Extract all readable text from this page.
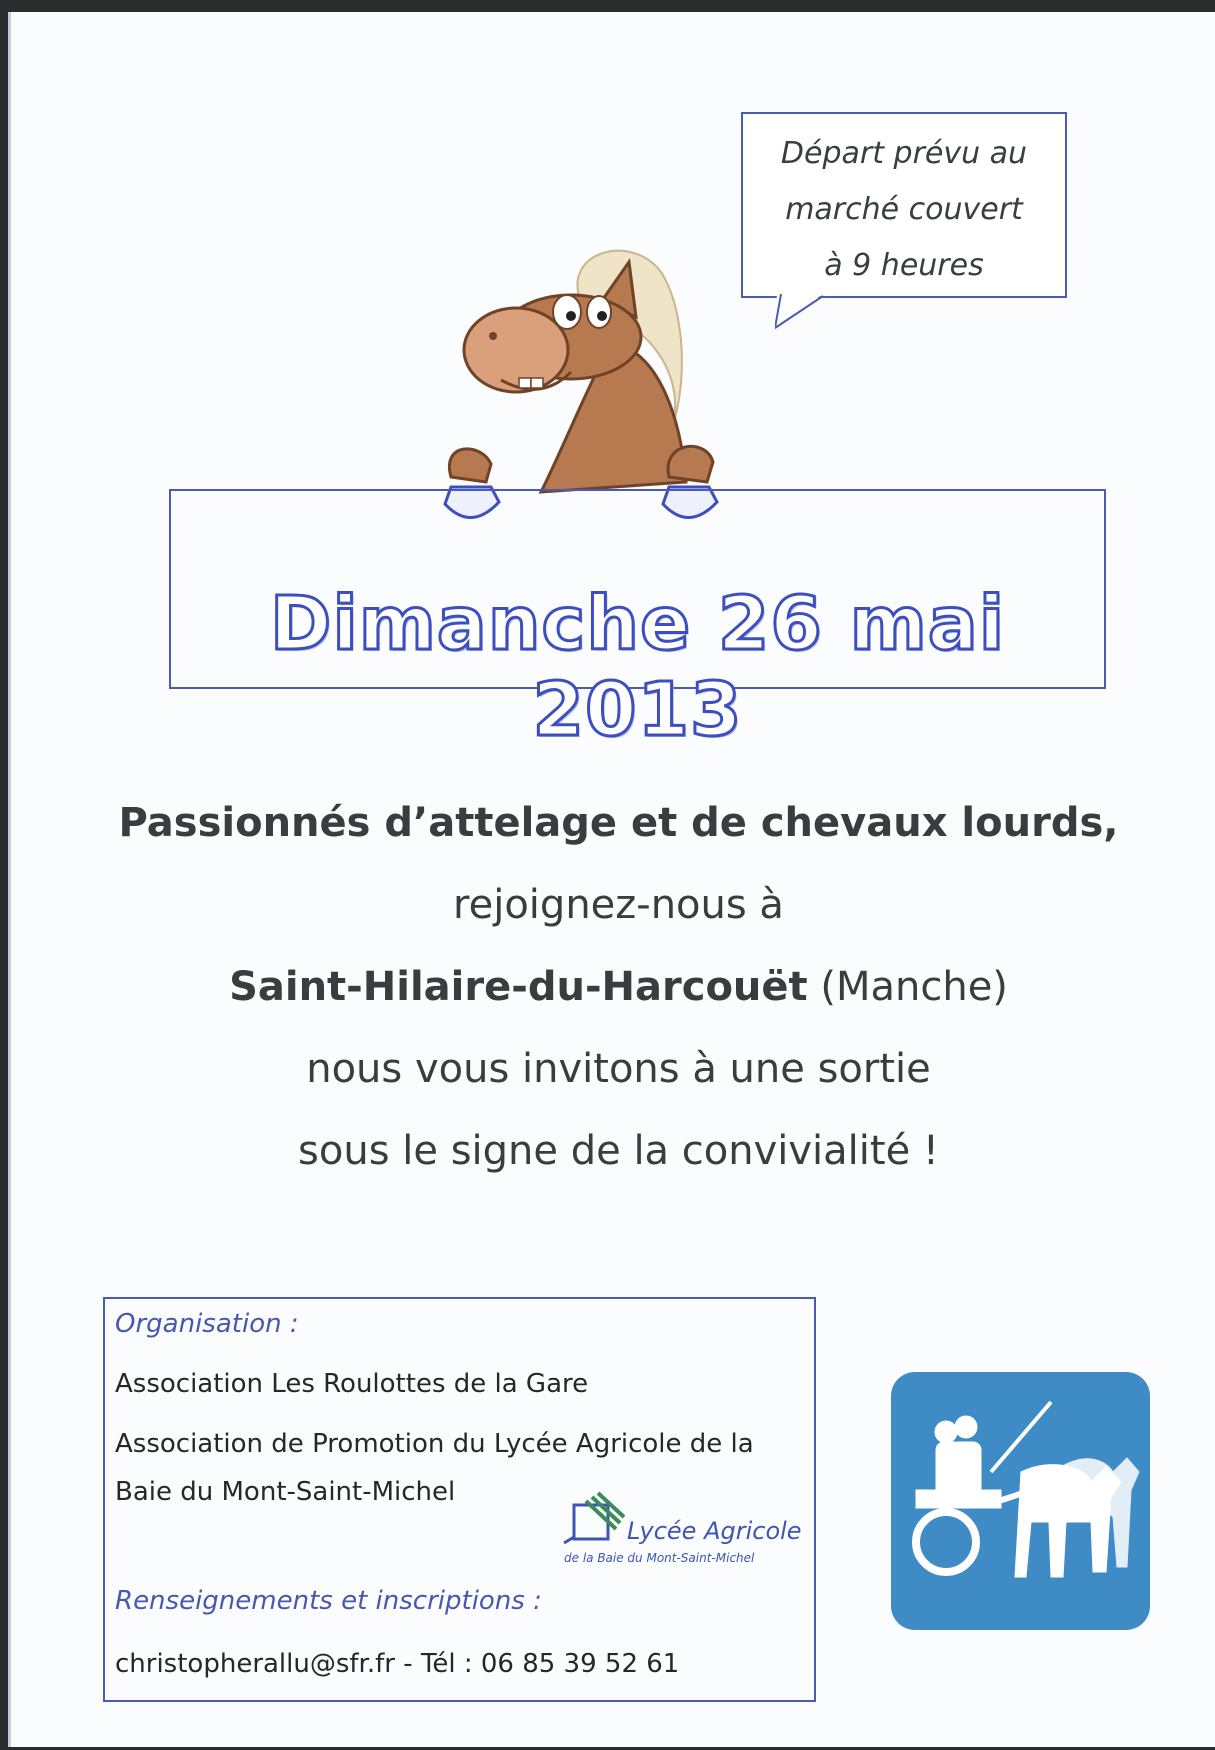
Départ prévu au
marché couvert
à 9 heures
Dimanche 26 mai 2013
Passionnés d’attelage et de chevaux lourds,
rejoignez-nous à
Saint-Hilaire-du-Harcouët (Manche)
nous vous invitons à une sortie
sous le signe de la convivialité !
Organisation :
Association Les Roulottes de la Gare
Association de Promotion du Lycée Agricole de la
Baie du Mont-Saint-Michel
Lycée Agricole
de la Baie du Mont-Saint-Michel
Renseignements et inscriptions :
christopherallu@sfr.fr - Tél : 06 85 39 52 61
